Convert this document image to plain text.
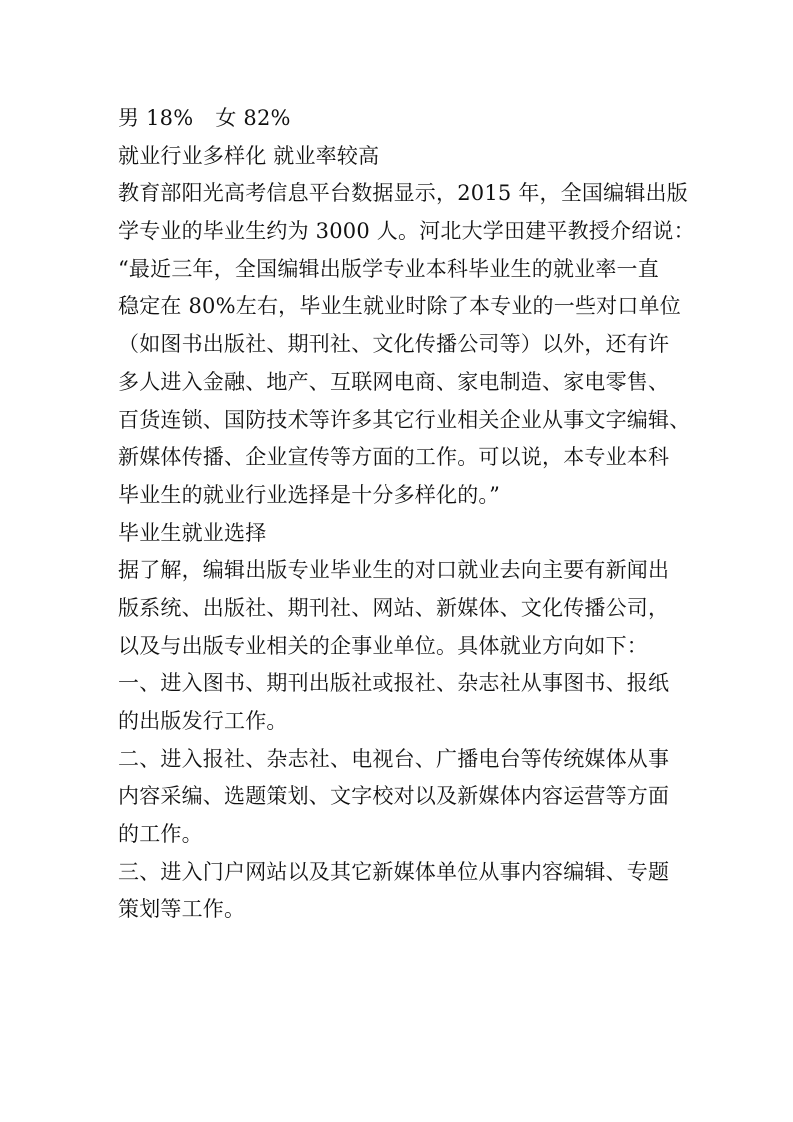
男 18% 女 82%
就业行业多样化 就业率较高
教育部阳光高考信息平台数据显示，2015 年，全国编辑出版
学专业的毕业生约为 3000 人。河北大学田建平教授介绍说：
“最近三年，全国编辑出版学专业本科毕业生的就业率一直
稳定在 80%左右，毕业生就业时除了本专业的一些对口单位
（如图书出版社、期刊社、文化传播公司等）以外，还有许
多人进入金融、地产、互联网电商、家电制造、家电零售、
百货连锁、国防技术等许多其它行业相关企业从事文字编辑、
新媒体传播、企业宣传等方面的工作。可以说，本专业本科
毕业生的就业行业选择是十分多样化的。”
毕业生就业选择
据了解，编辑出版专业毕业生的对口就业去向主要有新闻出
版系统、出版社、期刊社、网站、新媒体、文化传播公司，
以及与出版专业相关的企事业单位。具体就业方向如下：
一、进入图书、期刊出版社或报社、杂志社从事图书、报纸
的出版发行工作。
二、进入报社、杂志社、电视台、广播电台等传统媒体从事
内容采编、选题策划、文字校对以及新媒体内容运营等方面
的工作。
三、进入门户网站以及其它新媒体单位从事内容编辑、专题
策划等工作。
